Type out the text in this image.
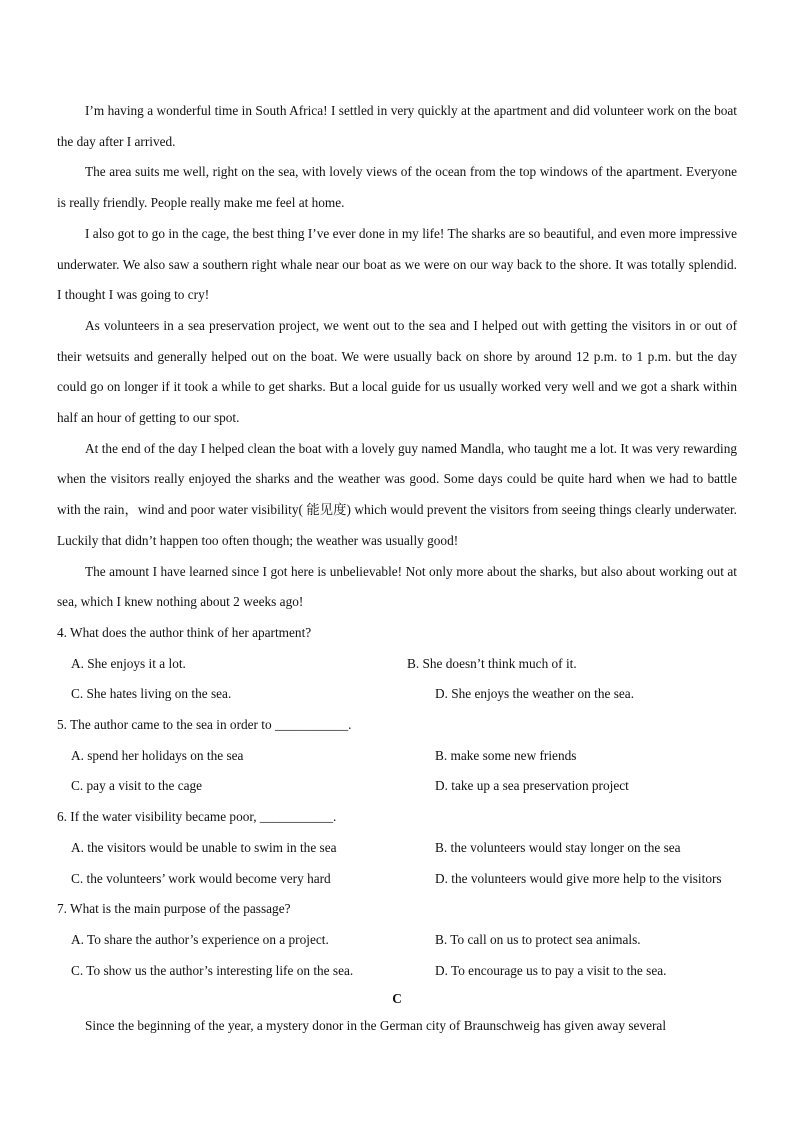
I’m having a wonderful time in South Africa! I settled in very quickly at the apartment and did volunteer work on the boat the day after I arrived.

The area suits me well, right on the sea, with lovely views of the ocean from the top windows of the apartment. Everyone is really friendly. People really make me feel at home.

I also got to go in the cage, the best thing I’ve ever done in my life! The sharks are so beautiful, and even more impressive underwater. We also saw a southern right whale near our boat as we were on our way back to the shore. It was totally splendid. I thought I was going to cry!

As volunteers in a sea preservation project, we went out to the sea and I helped out with getting the visitors in or out of their wetsuits and generally helped out on the boat. We were usually back on shore by around 12 p.m. to 1 p.m. but the day could go on longer if it took a while to get sharks. But a local guide for us usually worked very well and we got a shark within half an hour of getting to our spot.

At the end of the day I helped clean the boat with a lovely guy named Mandla, who taught me a lot. It was very rewarding when the visitors really enjoyed the sharks and the weather was good. Some days could be quite hard when we had to battle with the rain，wind and poor water visibility( 能见度) which would prevent the visitors from seeing things clearly underwater. Luckily that didn’t happen too often though; the weather was usually good!

The amount I have learned since I got here is unbelievable! Not only more about the sharks, but also about working out at sea, which I knew nothing about 2 weeks ago!

4. What does the author think of her apartment?

A. She enjoys it a lot.	B. She doesn’t think much of it.
C. She hates living on the sea.	D. She enjoys the weather on the sea.

5. The author came to the sea in order to ___________.

A. spend her holidays on the sea	B. make some new friends
C. pay a visit to the cage	D. take up a sea preservation project

6. If the water visibility became poor, ___________.

A. the visitors would be unable to swim in the sea	B. the volunteers would stay longer on the sea
C. the volunteers’ work would become very hard	D. the volunteers would give more help to the visitors

7. What is the main purpose of the passage?

A. To share the author’s experience on a project.	B. To call on us to protect sea animals.
C. To show us the author’s interesting life on the sea.	D. To encourage us to pay a visit to the sea.

C

Since the beginning of the year, a mystery donor in the German city of Braunschweig has given away several
